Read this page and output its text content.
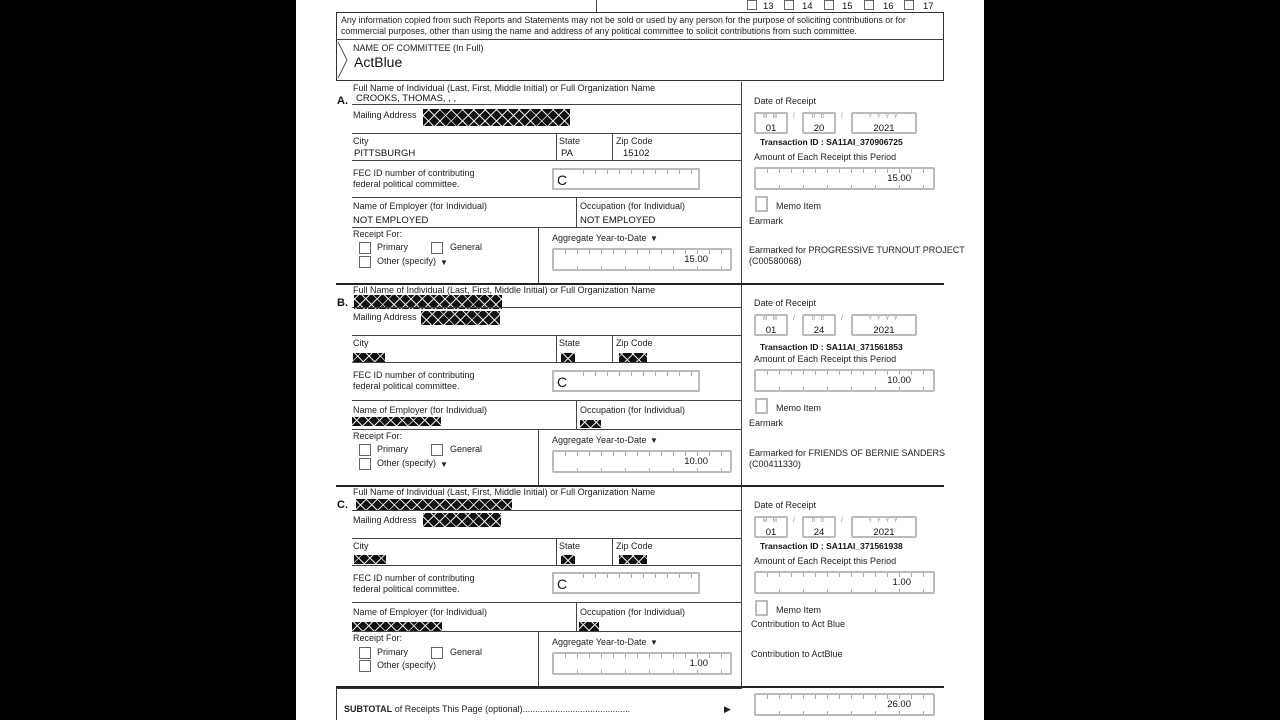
13	14	15	16	17
Any information copied from such Reports and Statements may not be sold or used by any person for the purpose of soliciting contributions or for commercial purposes, other than using the name and address of any political committee to solicit contributions from such committee.
NAME OF COMMITTEE (In Full)
ActBlue
A.
Full Name of Individual (Last, First, Middle Initial) or Full Organization Name
CROOKS, THOMAS, , ,
Mailing Address
City
PITTSBURGH
State
PA
Zip Code
15102
FEC ID number of contributing
federal political committee.	C
Name of Employer (for Individual)
NOT EMPLOYED
Occupation (for Individual)
NOT EMPLOYED
Receipt For:
Primary	General
Other (specify) ▼
Aggregate Year-to-Date ▼
15.00
Date of Receipt
M M
01
/	D D
20
/	Y Y Y Y
2021
Transaction ID : SA11AI_370906725
Amount of Each Receipt this Period
15.00
Memo Item
Earmark
Earmarked for PROGRESSIVE TURNOUT PROJECT
(C00580068)
B.
Full Name of Individual (Last, First, Middle Initial) or Full Organization Name
Mailing Address
City	State	Zip Code
FEC ID number of contributing
federal political committee.	C
Name of Employer (for Individual)	Occupation (for Individual)
Receipt For:
Primary	General
Other (specify) ▼
Aggregate Year-to-Date ▼
10.00
Date of Receipt
M M
01
/	D D
24
/	Y Y Y Y
2021
Transaction ID : SA11AI_371561853
Amount of Each Receipt this Period
10.00
Memo Item
Earmark
Earmarked for FRIENDS OF BERNIE SANDERS
(C00411330)
C.
Full Name of Individual (Last, First, Middle Initial) or Full Organization Name
Mailing Address
City	State	Zip Code
FEC ID number of contributing
federal political committee.	C
Name of Employer (for Individual)	Occupation (for Individual)
Receipt For:
Primary	General
Other (specify)
Aggregate Year-to-Date ▼
1.00
Date of Receipt
M M
01
/	D D
24
/	Y Y Y Y
2021
Transaction ID : SA11AI_371561938
Amount of Each Receipt this Period
1.00
Memo Item
Contribution to Act Blue
Contribution to ActBlue
SUBTOTAL of Receipts This Page (optional)...........................................	▶	26.00
